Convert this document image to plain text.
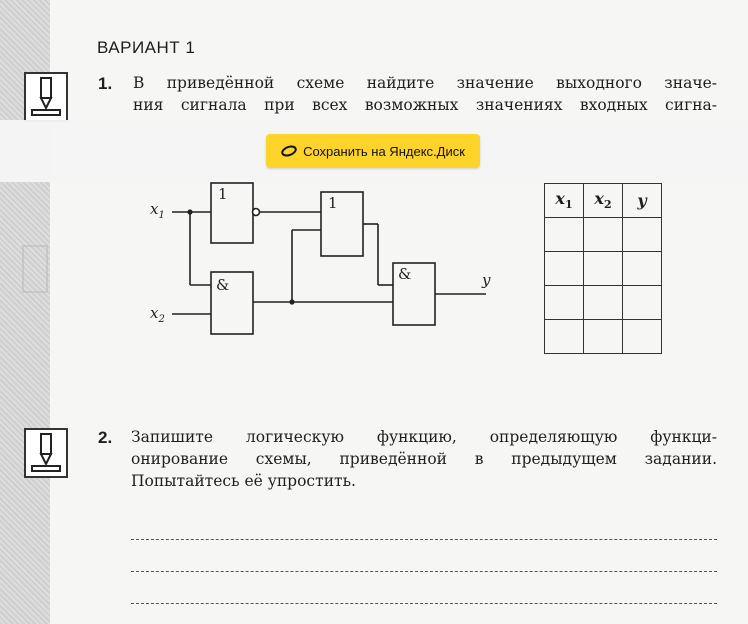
ВАРИАНТ 1
1. В приведённой схеме найдите значение выходного значе-
ния сигнала при всех возможных значениях входных сигна-
1
&
1
&
$x_1$
$x_2$
y
$x_1$	$x_2$	y

2. Запишите логическую функцию, определяющую функци-
онирование схемы, приведённой в предыдущем задании.
Попытайтесь её упростить.
Сохранить на Яндекс.Диск
